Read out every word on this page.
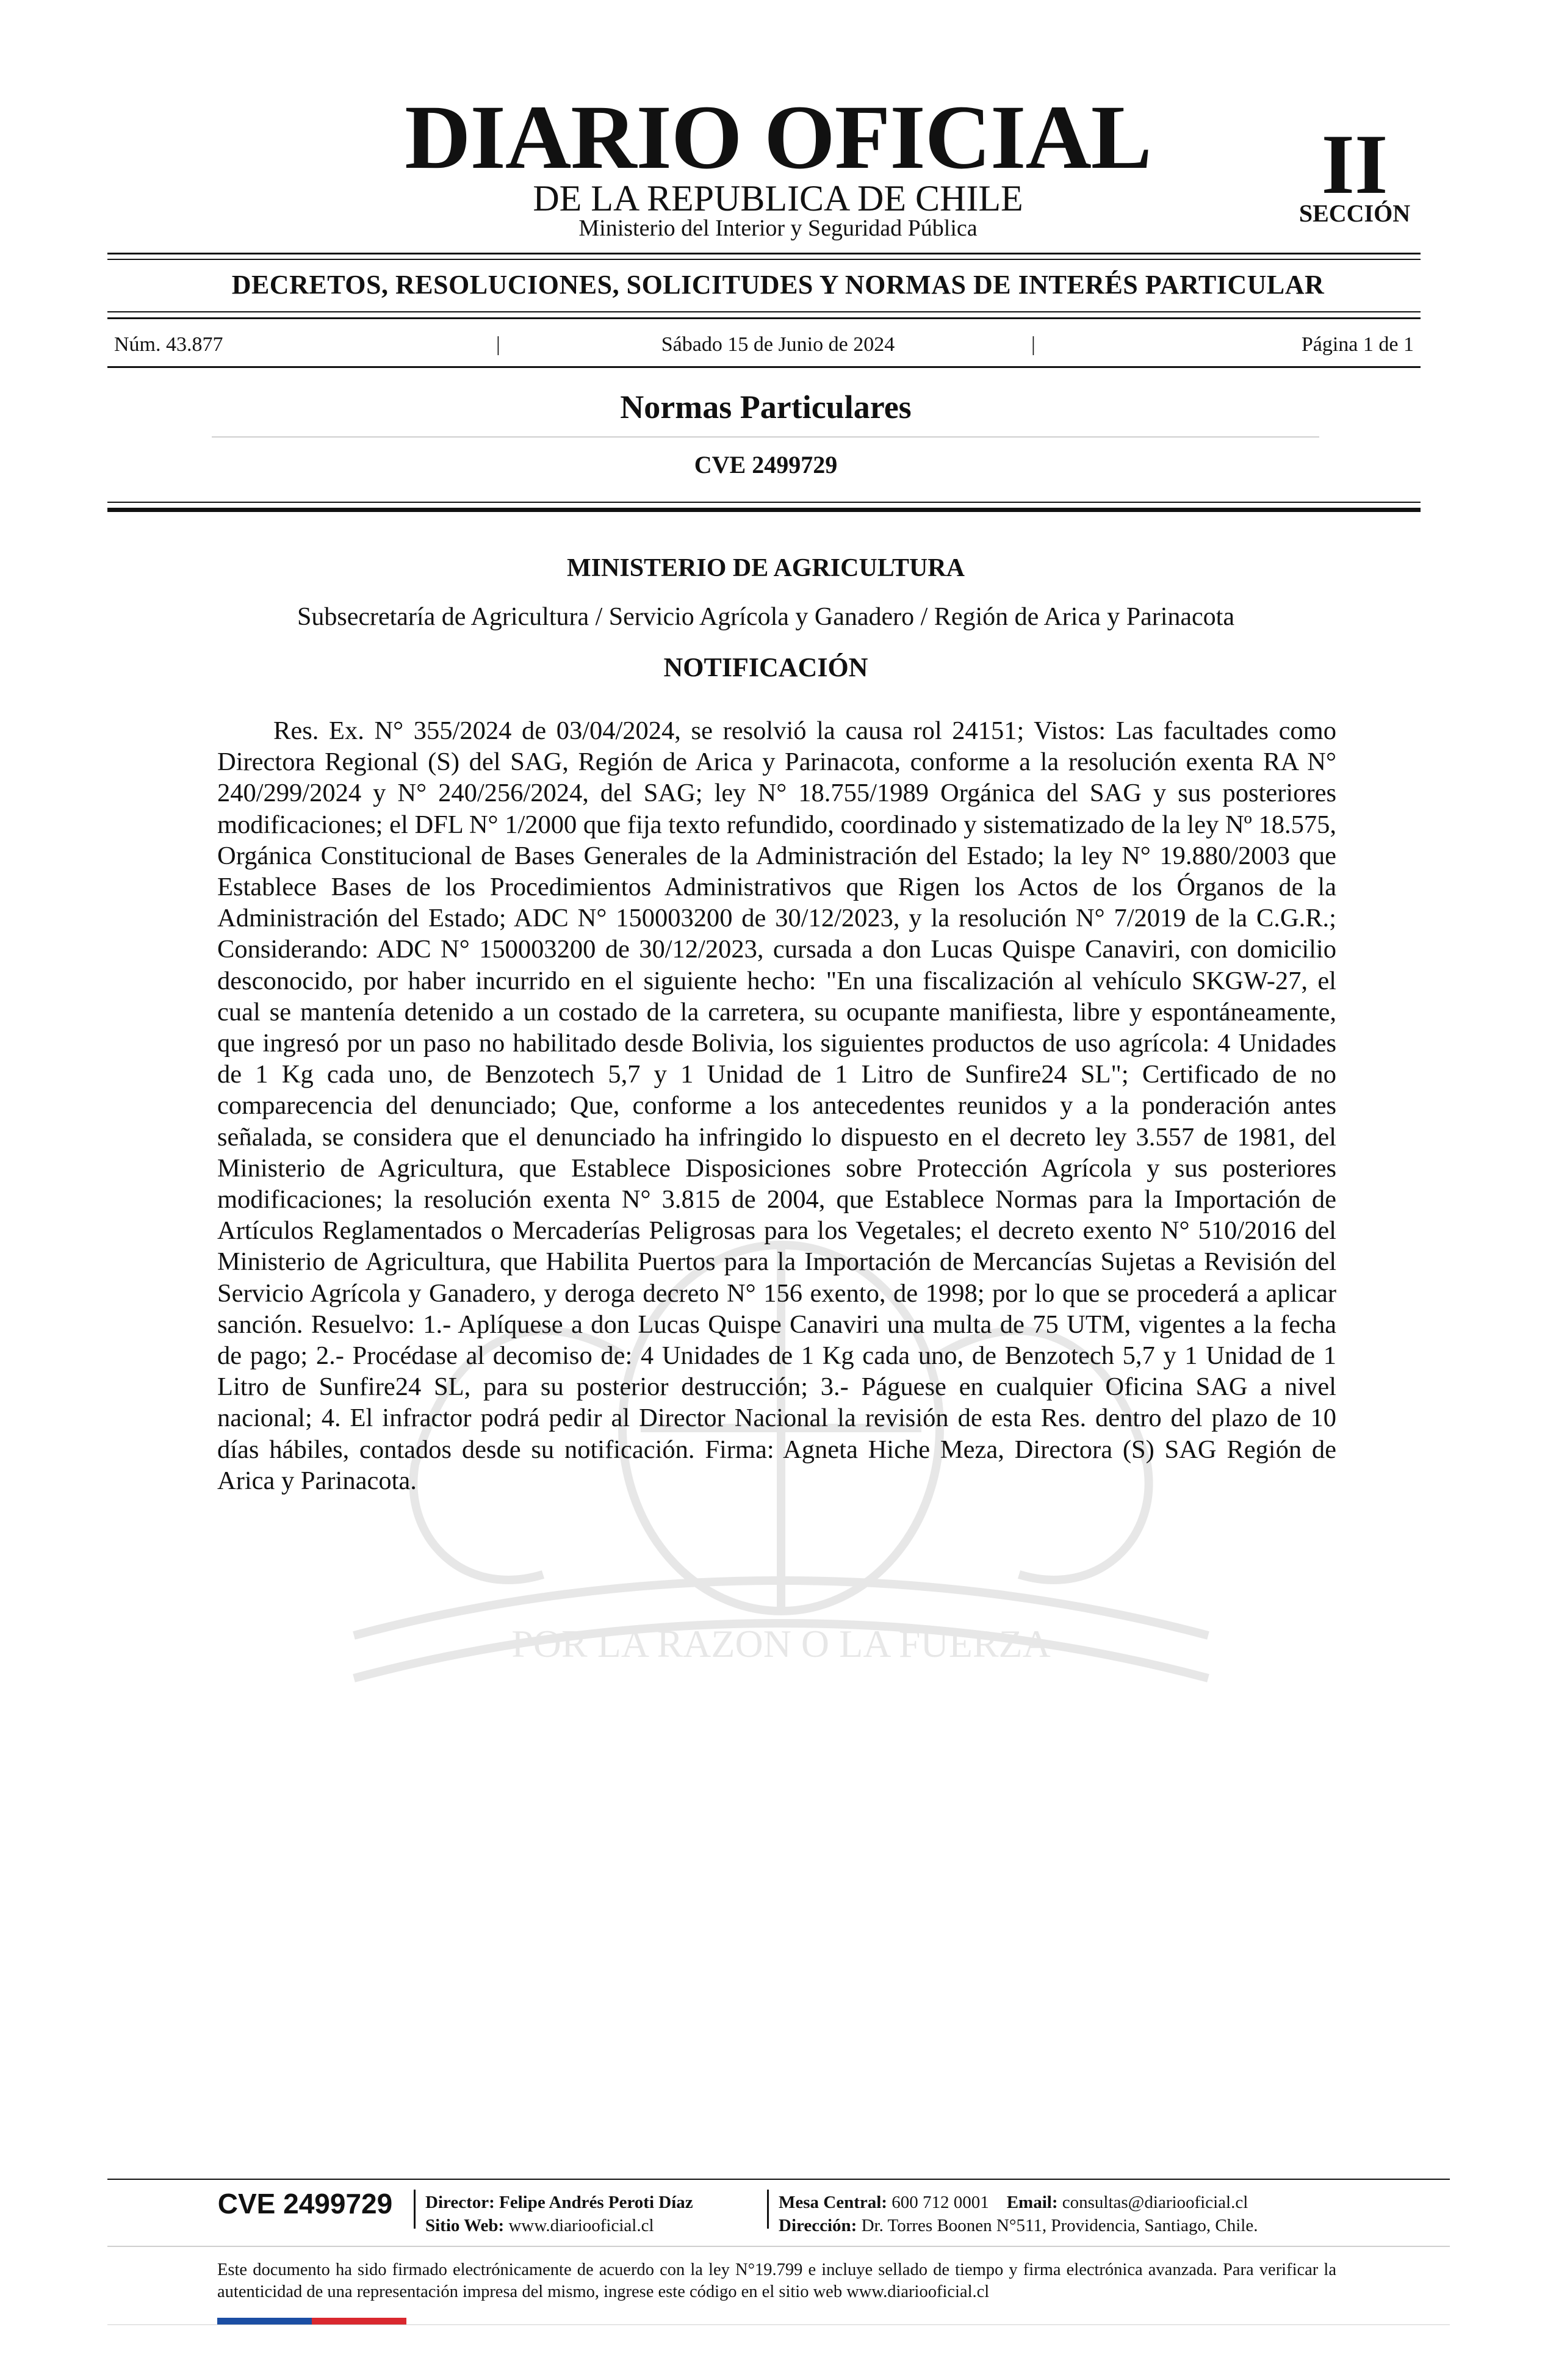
DIARIO OFICIAL
DE LA REPUBLICA DE CHILE
Ministerio del Interior y Seguridad Pública
II
SECCIÓN
DECRETOS, RESOLUCIONES, SOLICITUDES Y NORMAS DE INTERÉS PARTICULAR
Núm. 43.877	|	Sábado 15 de Junio de 2024	|	Página 1 de 1
Normas Particulares
CVE 2499729
MINISTERIO DE AGRICULTURA
Subsecretaría de Agricultura / Servicio Agrícola y Ganadero / Región de Arica y Parinacota
NOTIFICACIÓN
POR LA RAZON O LA FUERZA

Res. Ex. N° 355/2024 de 03/04/2024, se resolvió la causa rol 24151; Vistos: Las facultades como Directora Regional (S) del SAG, Región de Arica y Parinacota, conforme a la resolución exenta RA N° 240/299/2024 y N° 240/256/2024, del SAG; ley N° 18.755/1989 Orgánica del SAG y sus posteriores modificaciones; el DFL N° 1/2000 que fija texto refundido, coordinado y sistematizado de la ley Nº 18.575, Orgánica Constitucional de Bases Generales de la Administración del Estado; la ley N° 19.880/2003 que Establece Bases de los Procedimientos Administrativos que Rigen los Actos de los Órganos de la Administración del Estado; ADC N° 150003200 de 30/12/2023, y la resolución N° 7/2019 de la C.G.R.; Considerando: ADC N° 150003200 de 30/12/2023, cursada a don Lucas Quispe Canaviri, con domicilio desconocido, por haber incurrido en el siguiente hecho: "En una fiscalización al vehículo SKGW-27, el cual se mantenía detenido a un costado de la carretera, su ocupante manifiesta, libre y espontáneamente, que ingresó por un paso no habilitado desde Bolivia, los siguientes productos de uso agrícola: 4 Unidades de 1 Kg cada uno, de Benzotech 5,7 y 1 Unidad de 1 Litro de Sunfire24 SL"; Certificado de no comparecencia del denunciado; Que, conforme a los antecedentes reunidos y a la ponderación antes señalada, se considera que el denunciado ha infringido lo dispuesto en el decreto ley 3.557 de 1981, del Ministerio de Agricultura, que Establece Disposiciones sobre Protección Agrícola y sus posteriores modificaciones; la resolución exenta N° 3.815 de 2004, que Establece Normas para la Importación de Artículos Reglamentados o Mercaderías Peligrosas para los Vegetales; el decreto exento N° 510/2016 del Ministerio de Agricultura, que Habilita Puertos para la Importación de Mercancías Sujetas a Revisión del Servicio Agrícola y Ganadero, y deroga decreto N° 156 exento, de 1998; por lo que se procederá a aplicar sanción. Resuelvo: 1.- Aplíquese a don Lucas Quispe Canaviri una multa de 75 UTM, vigentes a la fecha de pago; 2.- Procédase al decomiso de: 4 Unidades de 1 Kg cada uno, de Benzotech 5,7 y 1 Unidad de 1 Litro de Sunfire24 SL, para su posterior destrucción; 3.- Páguese en cualquier Oficina SAG a nivel nacional; 4. El infractor podrá pedir al Director Nacional la revisión de esta Res. dentro del plazo de 10 días hábiles, contados desde su notificación. Firma: Agneta Hiche Meza, Directora (S) SAG Región de Arica y Parinacota.

CVE 2499729	Director: Felipe Andrés Peroti Díaz
Sitio Web: www.diariooficial.cl
Mesa Central: 600 712 0001 Email: consultas@diariooficial.cl
Dirección: Dr. Torres Boonen N°511, Providencia, Santiago, Chile.

Este documento ha sido firmado electrónicamente de acuerdo con la ley N°19.799 e incluye sellado de tiempo y firma electrónica avanzada. Para verificar la autenticidad de una representación impresa del mismo, ingrese este código en el sitio web www.diariooficial.cl
